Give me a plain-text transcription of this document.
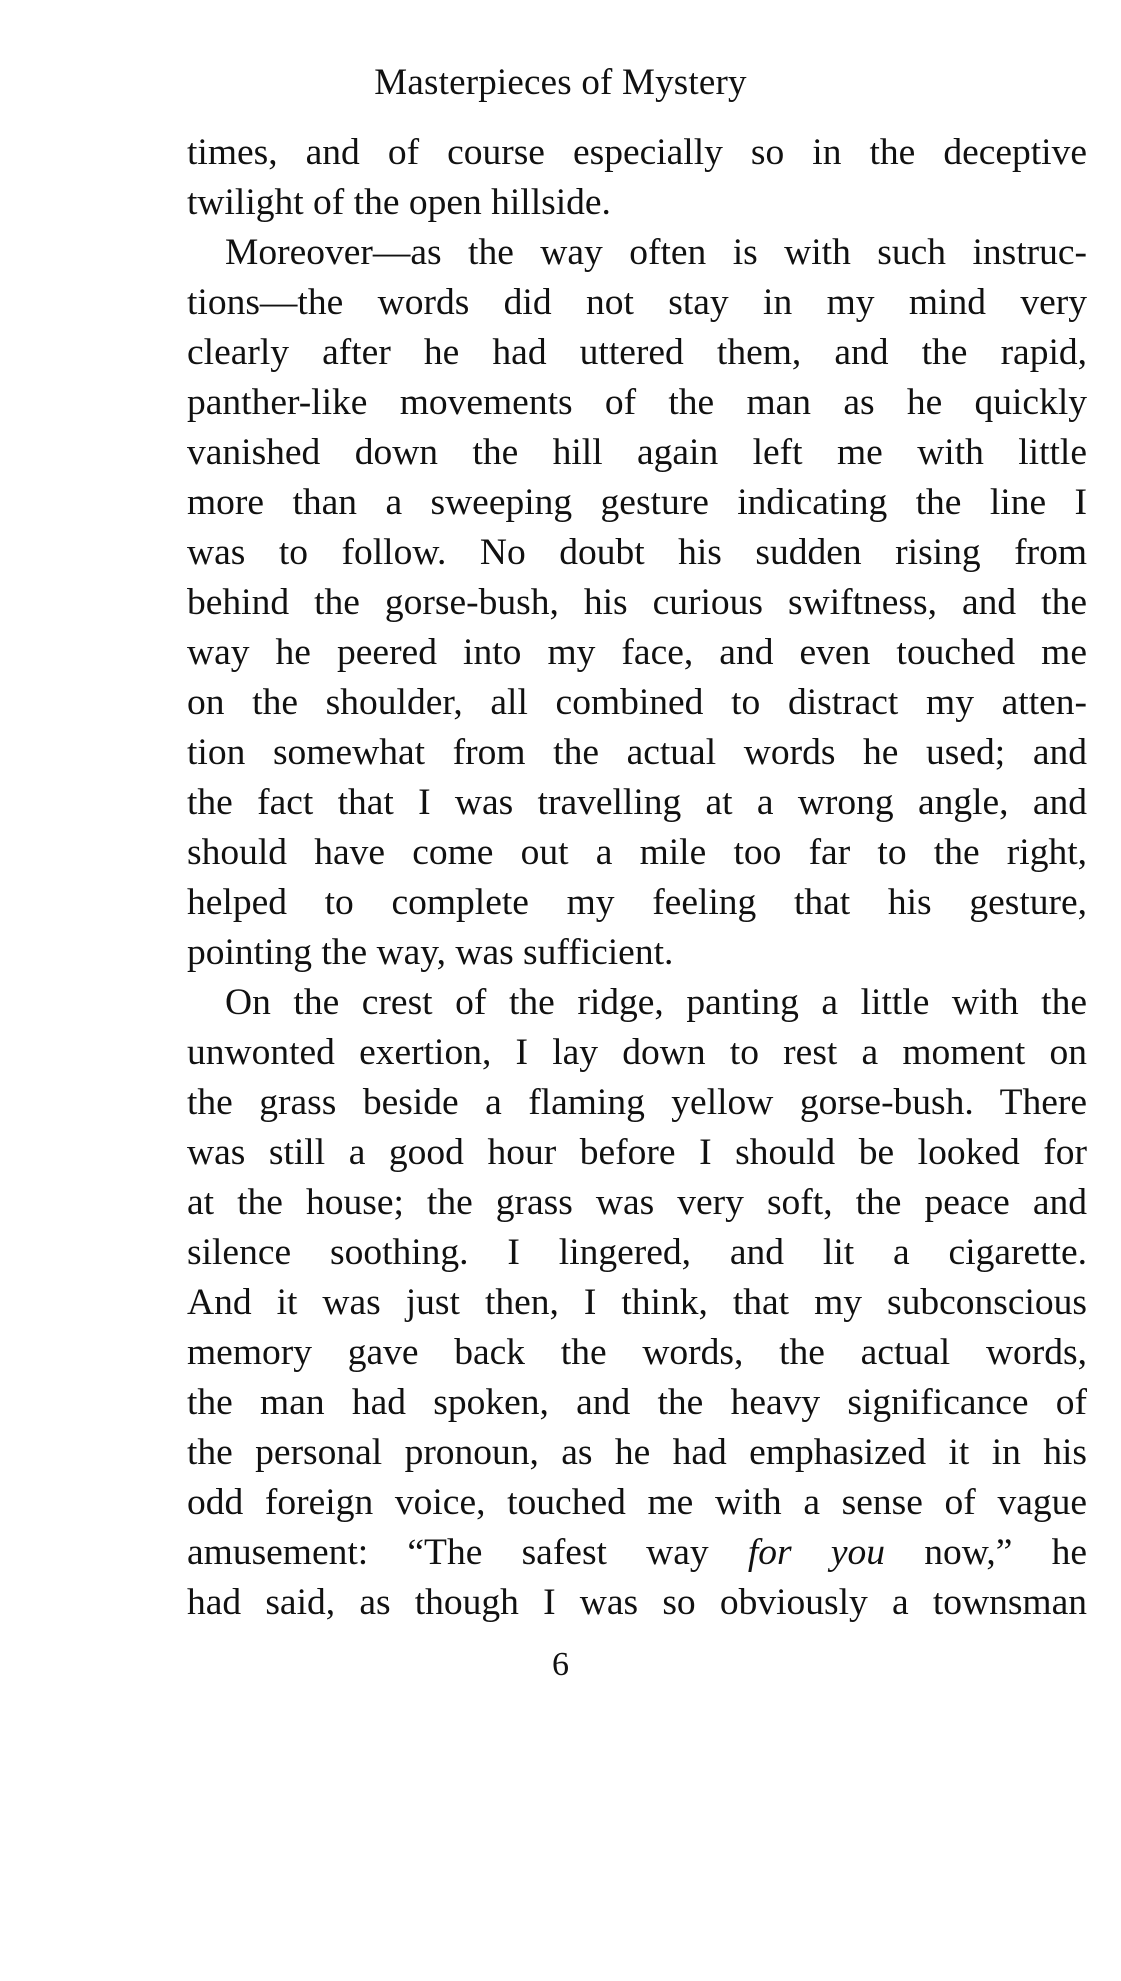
Masterpieces of Mystery
times, and of course especially so in the deceptive
twilight of the open hillside.
Moreover—as the way often is with such instruc-
tions—the words did not stay in my mind very
clearly after he had uttered them, and the rapid,
panther-like movements of the man as he quickly
vanished down the hill again left me with little
more than a sweeping gesture indicating the line I
was to follow. No doubt his sudden rising from
behind the gorse-bush, his curious swiftness, and the
way he peered into my face, and even touched me
on the shoulder, all combined to distract my atten-
tion somewhat from the actual words he used; and
the fact that I was travelling at a wrong angle, and
should have come out a mile too far to the right,
helped to complete my feeling that his gesture,
pointing the way, was sufficient.
On the crest of the ridge, panting a little with the
unwonted exertion, I lay down to rest a moment on
the grass beside a flaming yellow gorse-bush. There
was still a good hour before I should be looked for
at the house; the grass was very soft, the peace and
silence soothing. I lingered, and lit a cigarette.
And it was just then, I think, that my subconscious
memory gave back the words, the actual words,
the man had spoken, and the heavy significance of
the personal pronoun, as he had emphasized it in his
odd foreign voice, touched me with a sense of vague
amusement: “The safest way for you now,” he
had said, as though I was so obviously a townsman
6
